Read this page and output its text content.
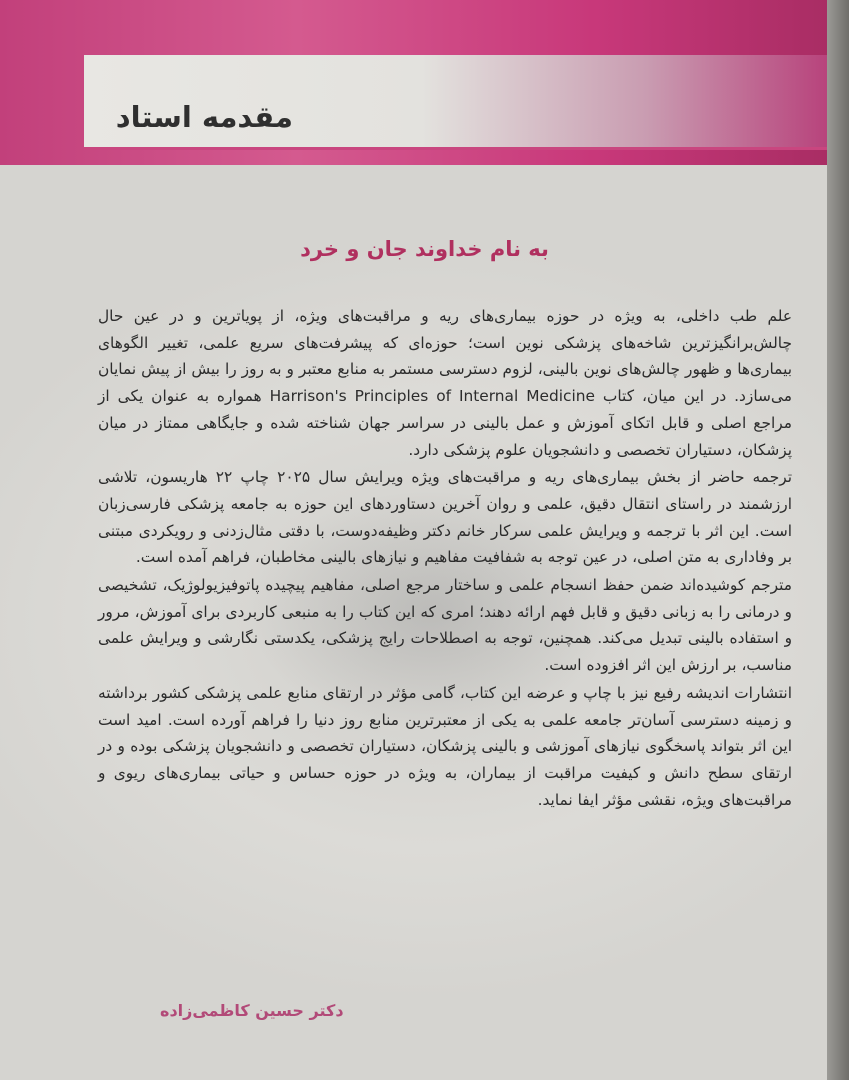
مقدمه استاد
به نام خداوند جان و خرد

علم طب داخلی، به ویژه در حوزه بیماری‌های ریه و مراقبت‌های ویژه، از پویاترین و در عین حال چالش‌برانگیزترین شاخه‌های پزشکی نوین است؛ حوزه‌ای که پیشرفت‌های سریع علمی، تغییر الگوهای بیماری‌ها و ظهور چالش‌های نوین بالینی، لزوم دسترسی مستمر به منابع معتبر و به روز را بیش از پیش نمایان می‌سازد. در این میان، کتاب Harrison's Principles of Internal Medicine همواره به عنوان یکی از مراجع اصلی و قابل اتکای آموزش و عمل بالینی در سراسر جهان شناخته شده و جایگاهی ممتاز در میان پزشکان، دستیاران تخصصی و دانشجویان علوم پزشکی دارد.

ترجمه حاضر از بخش بیماری‌های ریه و مراقبت‌های ویژه ویرایش سال ۲۰۲۵ چاپ ۲۲ هاریسون، تلاشی ارزشمند در راستای انتقال دقیق، علمی و روان آخرین دستاوردهای این حوزه به جامعه پزشکی فارسی‌زبان است. این اثر با ترجمه و ویرایش علمی سرکار خانم دکتر وظیفه‌دوست، با دقتی مثال‌زدنی و رویکردی مبتنی بر وفاداری به متن اصلی، در عین توجه به شفافیت مفاهیم و نیازهای بالینی مخاطبان، فراهم آمده است.

مترجم کوشیده‌اند ضمن حفظ انسجام علمی و ساختار مرجع اصلی، مفاهیم پیچیده پاتوفیزیولوژیک، تشخیصی و درمانی را به زبانی دقیق و قابل فهم ارائه دهند؛ امری که این کتاب را به منبعی کاربردی برای آموزش، مرور و استفاده بالینی تبدیل می‌کند. همچنین، توجه به اصطلاحات رایج پزشکی، یکدستی نگارشی و ویرایش علمی مناسب، بر ارزش این اثر افزوده است.

انتشارات اندیشه رفیع نیز با چاپ و عرضه این کتاب، گامی مؤثر در ارتقای منابع علمی پزشکی کشور برداشته و زمینه دسترسی آسان‌تر جامعه علمی به یکی از معتبرترین منابع روز دنیا را فراهم آورده است. امید است این اثر بتواند پاسخگوی نیازهای آموزشی و بالینی پزشکان، دستیاران تخصصی و دانشجویان پزشکی بوده و در ارتقای سطح دانش و کیفیت مراقبت از بیماران، به ویژه در حوزه حساس و حیاتی بیماری‌های ریوی و مراقبت‌های ویژه، نقشی مؤثر ایفا نماید.

دکتر حسین کاظمی‌زاده
